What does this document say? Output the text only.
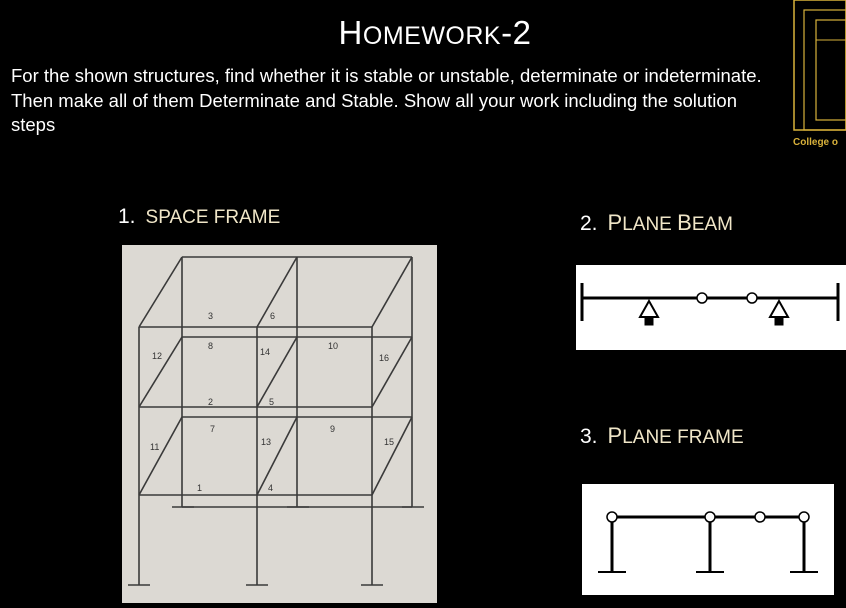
HOMEWORK-2
For the shown structures, find whether it is stable or unstable, determinate or indeterminate. Then make all of them Determinate and Stable. Show all your work including the solution steps
College o
1. SPACE FRAME	2. PLANE BEAM
3. PLANE FRAME
3	6
8
14
10
12	16
2	5
7	9
13	15
11
1	4
